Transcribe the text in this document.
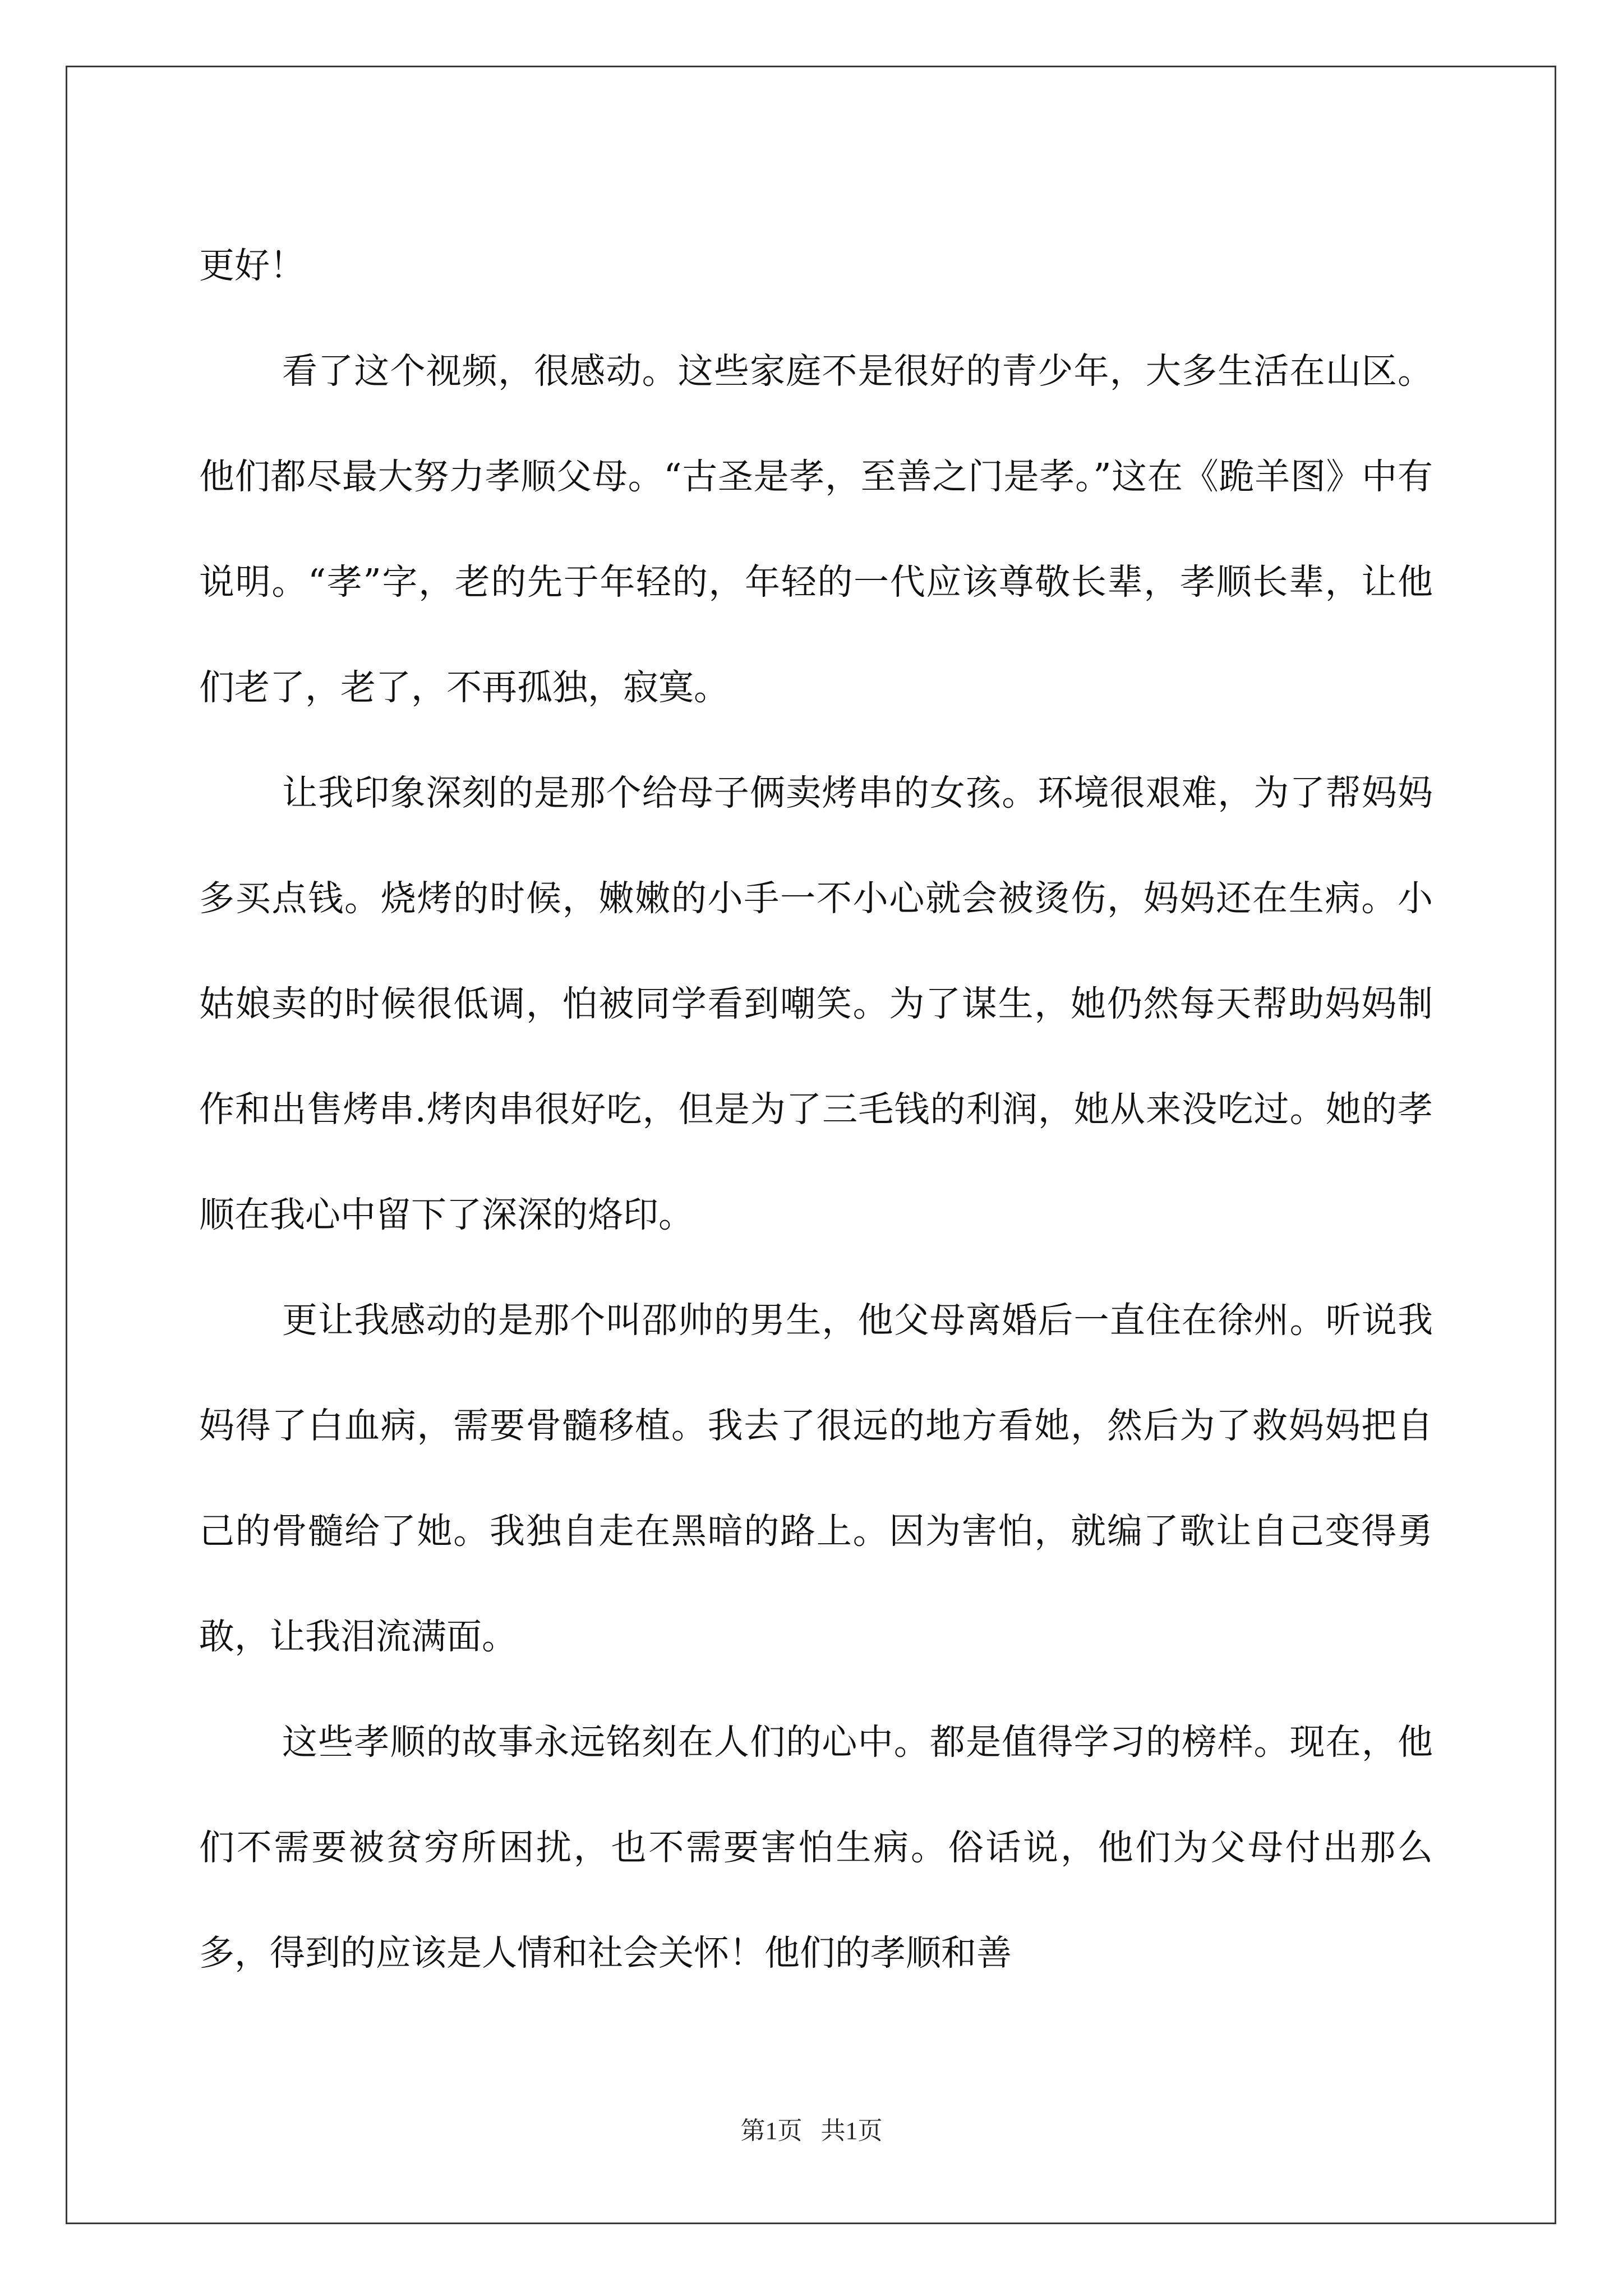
更好！

看了这个视频，很感动。这些家庭不是很好的青少年，大多生活在山区。他们都尽最大努力孝顺父母。“古圣是孝，至善之门是孝。”这在《跪羊图》中有说明。“孝”字，老的先于年轻的，年轻的一代应该尊敬长辈，孝顺长辈，让他们老了，老了，不再孤独，寂寞。

让我印象深刻的是那个给母子俩卖烤串的女孩。环境很艰难，为了帮妈妈多买点钱。烧烤的时候，嫩嫩的小手一不小心就会被烫伤，妈妈还在生病。小姑娘卖的时候很低调，怕被同学看到嘲笑。为了谋生，她仍然每天帮助妈妈制作和出售烤串.烤肉串很好吃，但是为了三毛钱的利润，她从来没吃过。她的孝顺在我心中留下了深深的烙印。

更让我感动的是那个叫邵帅的男生，他父母离婚后一直住在徐州。听说我妈得了白血病，需要骨髓移植。我去了很远的地方看她，然后为了救妈妈把自己的骨髓给了她。我独自走在黑暗的路上。因为害怕，就编了歌让自己变得勇敢，让我泪流满面。

这些孝顺的故事永远铭刻在人们的心中。都是值得学习的榜样。现在，他们不需要被贫穷所困扰，也不需要害怕生病。俗话说，他们为父母付出那么多，得到的应该是人情和社会关怀！他们的孝顺和善

第1页   共1页
